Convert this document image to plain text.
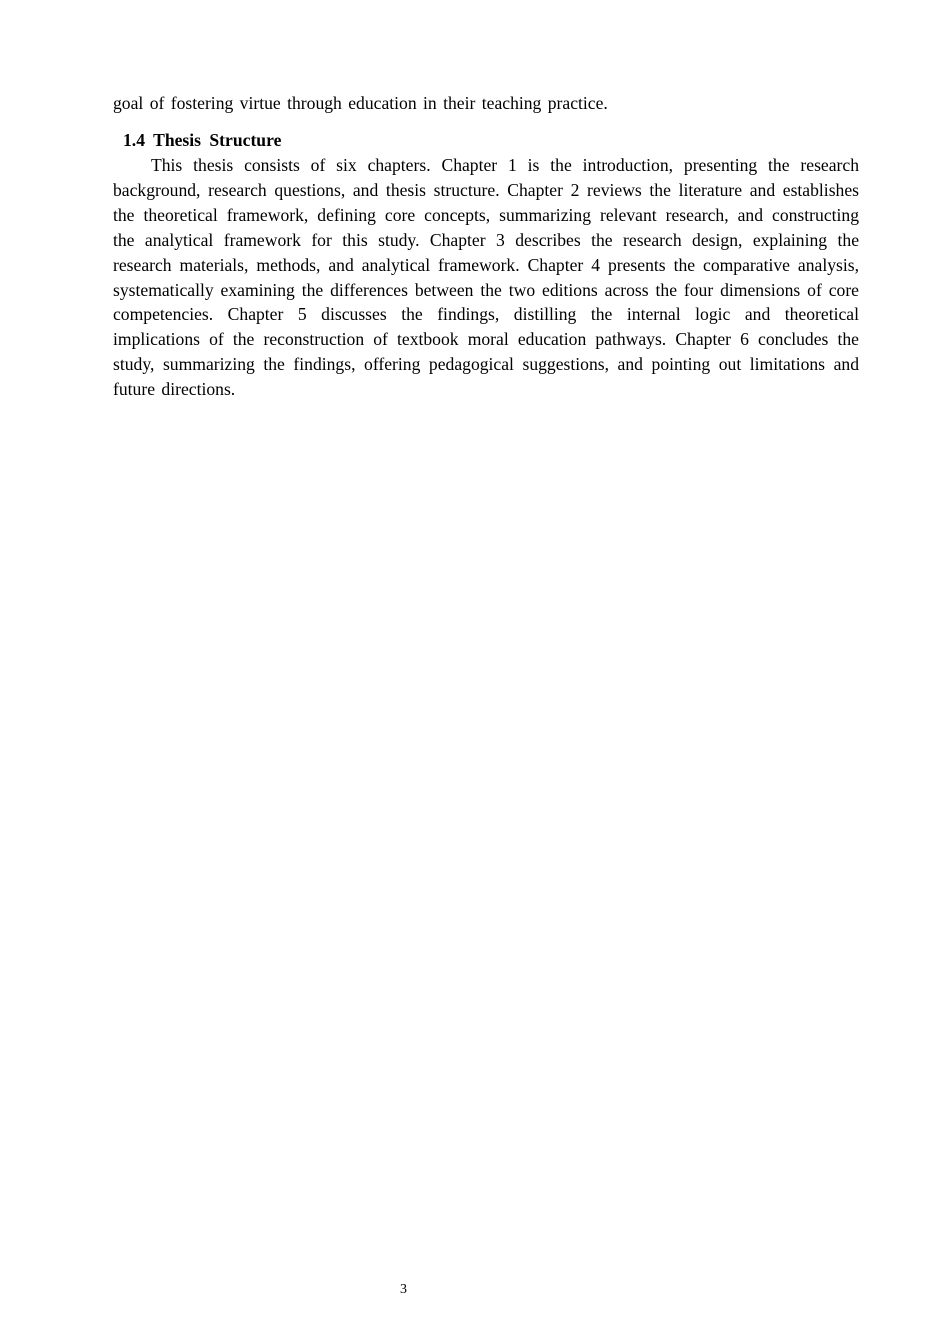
goal of fostering virtue through education in their teaching practice.

1.4 Thesis Structure

This thesis consists of six chapters. Chapter 1 is the introduction, presenting the research background, research questions, and thesis structure. Chapter 2 reviews the literature and establishes the theoretical framework, defining core concepts, summarizing relevant research, and constructing the analytical framework for this study. Chapter 3 describes the research design, explaining the research materials, methods, and analytical framework. Chapter 4 presents the comparative analysis, systematically examining the differences between the two editions across the four dimensions of core competencies. Chapter 5 discusses the findings, distilling the internal logic and theoretical implications of the reconstruction of textbook moral education pathways. Chapter 6 concludes the study, summarizing the findings, offering pedagogical suggestions, and pointing out limitations and future directions.

3
